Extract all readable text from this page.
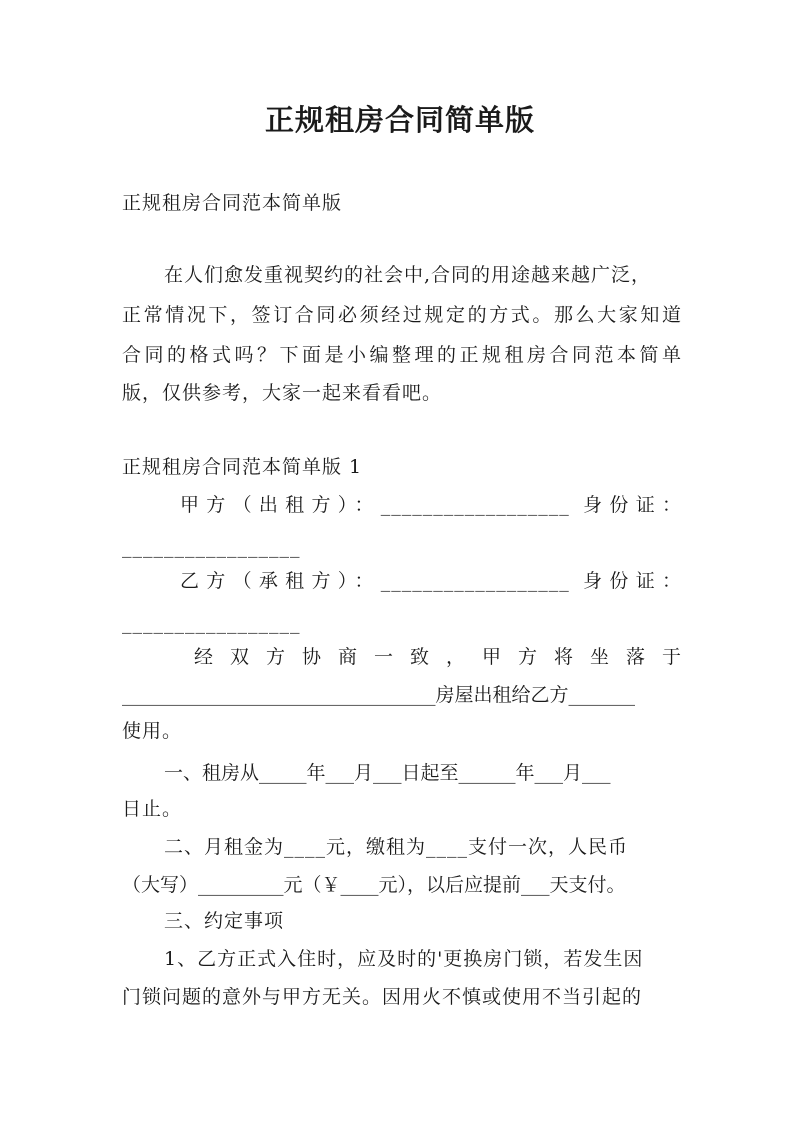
正规租房合同简单版
正规租房合同范本简单版
在人们愈发重视契约的社会中,合同的用途越来越广泛，
正常情况下，签订合同必须经过规定的方式。那么大家知道
合同的格式吗？下面是小编整理的正规租房合同范本简单
版，仅供参考，大家一起来看看吧。
正规租房合同范本简单版 1
甲方（出租方）：__________________ 身份证：
_________________
乙方（承租方）：__________________ 身份证：
_________________
经双方协商一致，甲方将坐落于
_________________________________房屋出租给乙方_______
使用。
一、租房从_____年___月___日起至______年___月___
日止。
二、月租金为____元，缴租为____支付一次，人民币
（大写）_________元（￥____元），以后应提前___天支付。
三、约定事项
1、乙方正式入住时，应及时的'更换房门锁，若发生因
门锁问题的意外与甲方无关。因用火不慎或使用不当引起的
